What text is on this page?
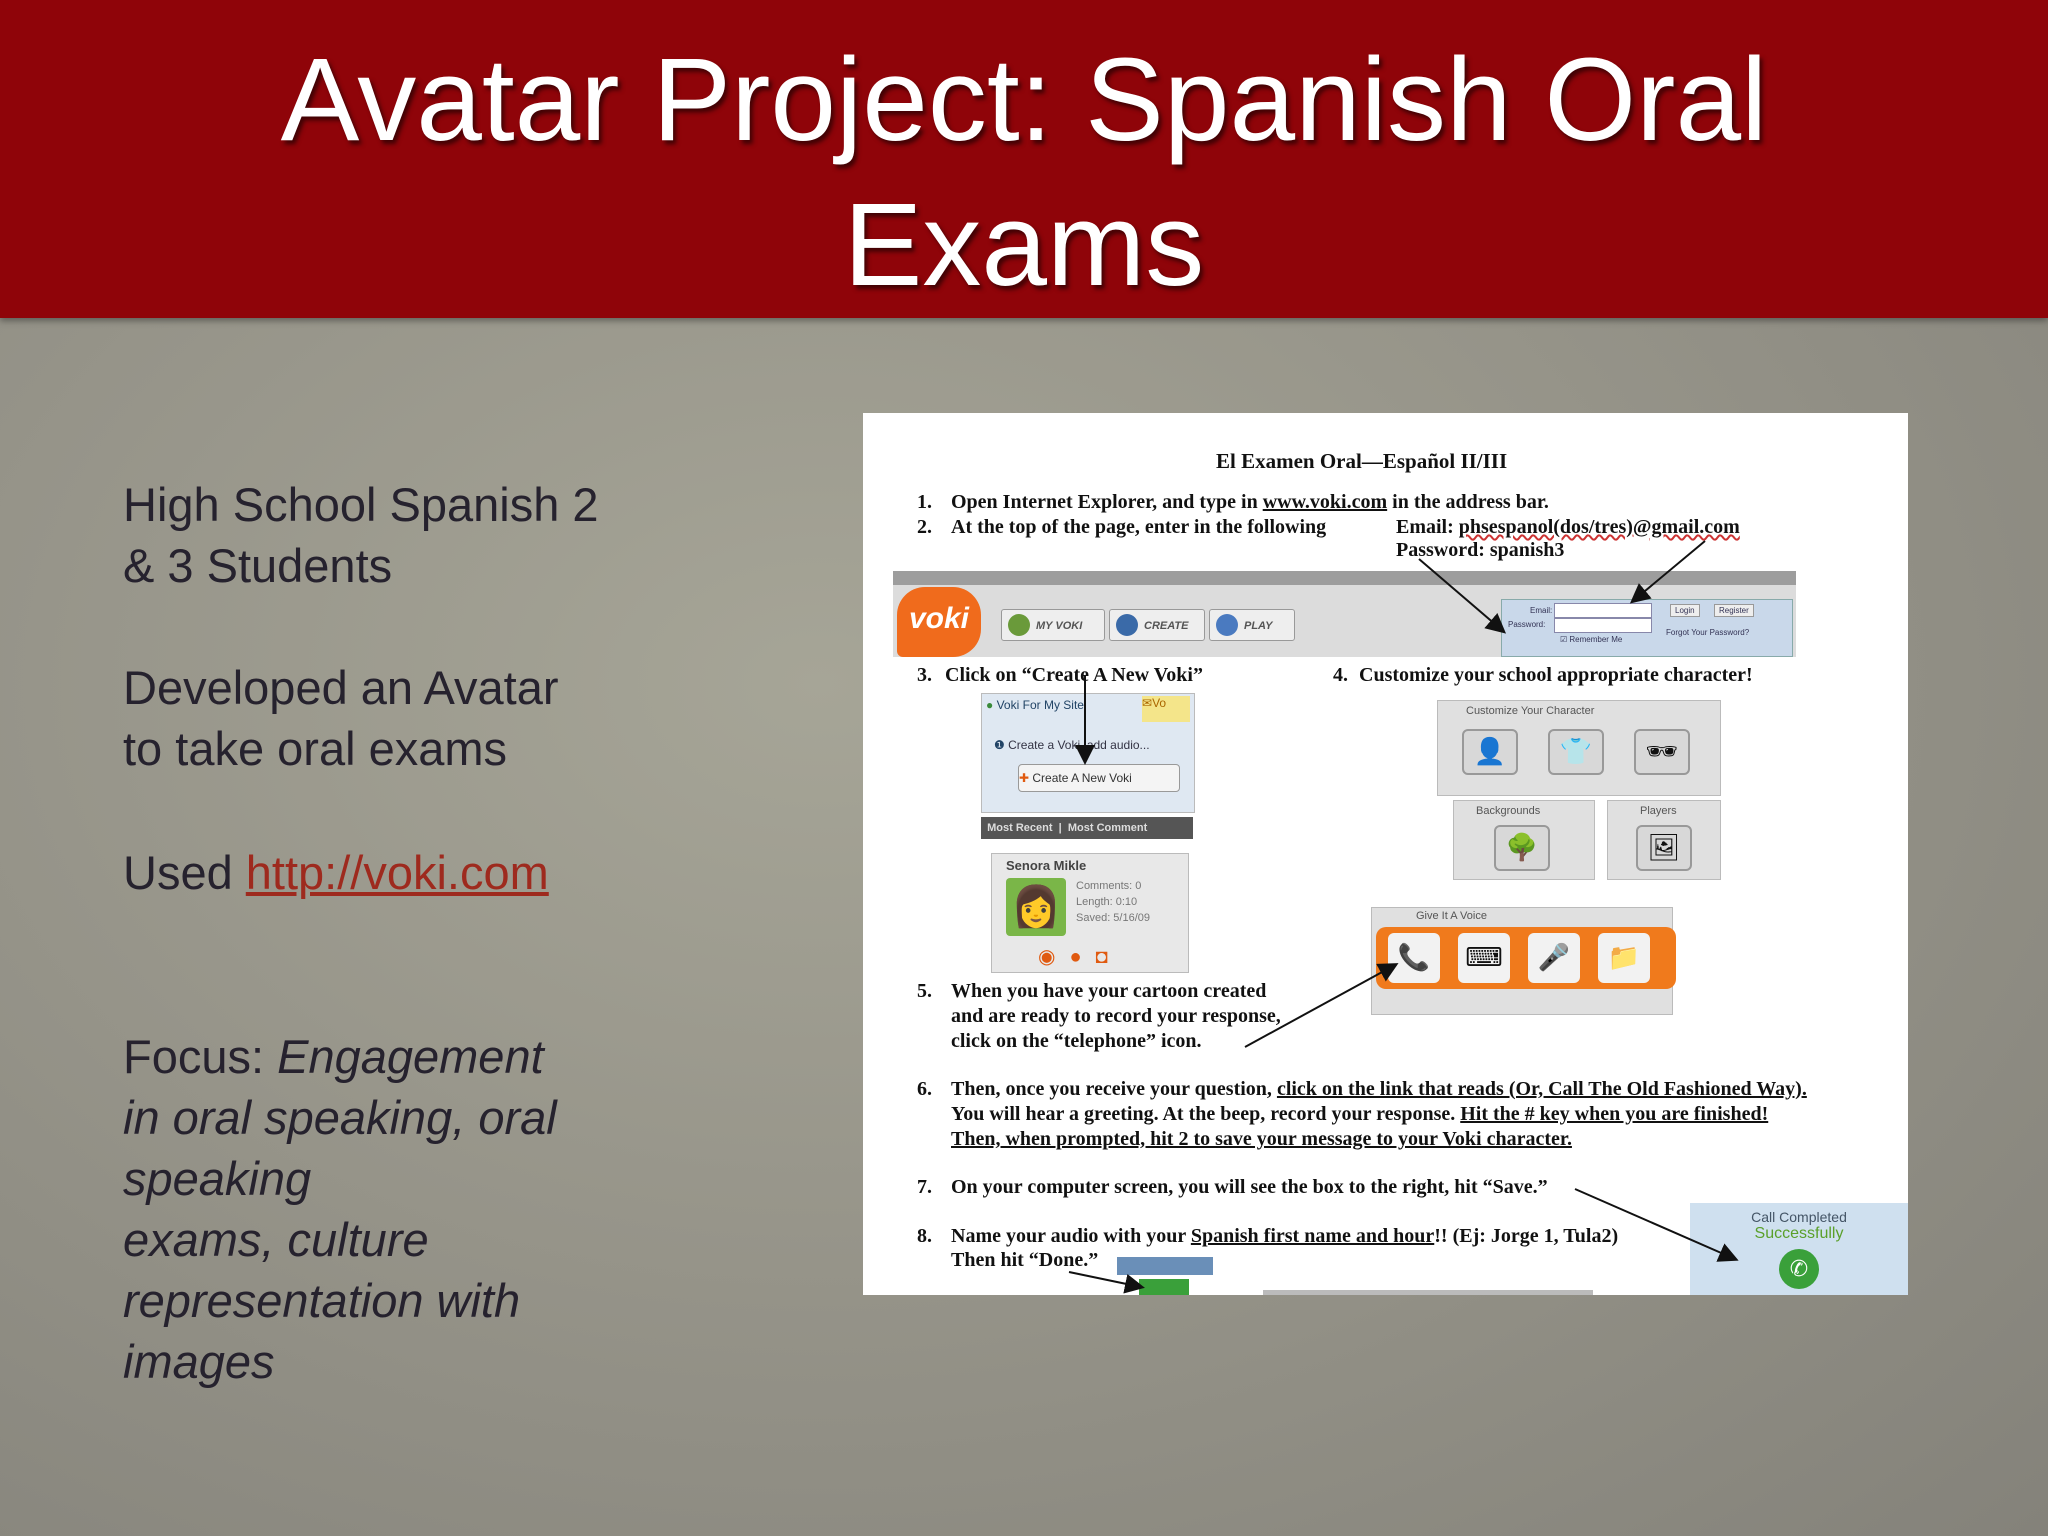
Avatar Project: Spanish Oral
Exams
High School Spanish 2
& 3 Students
Developed an Avatar
to take oral exams
Used http://voki.com
Focus: Engagement
in oral speaking, oral
speaking
exams, culture
representation with
images
El Examen Oral—Español II/III
1. Open Internet Explorer, and type in www.voki.com in the address bar.
2. At the top of the page, enter in the following	Email: phsespanol(dos/tres)@gmail.com
Password: spanish3
voki	MY VOKI	CREATE	PLAY
Email:
Password:
☑ Remember Me
Login	Register
Forgot Your Password?
3. Click on “Create A New Voki”	4. Customize your school appropriate character!
● Voki For My Site	✉Vo
❶ Create a Voki, add audio...
✚ Create A New Voki
Most Recent  |  Most Comment
Senora Mikle
👩	Comments: 0
Length: 0:10
Saved: 5/16/09
◉●◘
Customize Your Character
👤	👕	🕶
Backgrounds
🌳
Players
🖼
Give It A Voice
📞	⌨	🎤	📁
5. When you have your cartoon created
and are ready to record your response,
click on the “telephone” icon.
6. Then, once you receive your question, click on the link that reads (Or, Call The Old Fashioned Way).
You will hear a greeting. At the beep, record your response. Hit the # key when you are finished!
Then, when prompted, hit 2 to save your message to your Voki character.
7. On your computer screen, you will see the box to the right, hit “Save.”
8. Name your audio with your Spanish first name and hour!! (Ej: Jorge 1, Tula2)
Then hit “Done.”
Call Completed
Successfully
✆
